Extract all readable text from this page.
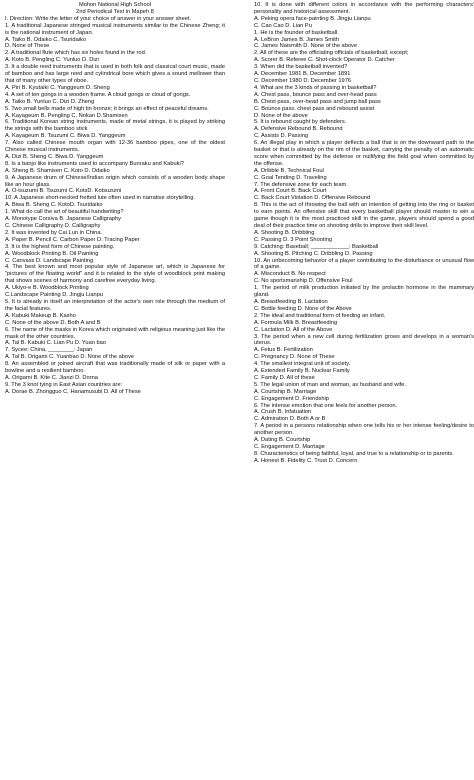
Mohon National High School
2nd Periodical Test in Mapeh 8
I. Direction: Write the letter of your choice of answer in your answer sheet.
1. A traditional Japanese stringed musical instruments similar to the Chinese Zheng; it is the national instrument of Japan.
A. Taiko B. Odaiko C. Tsuridaiko
D. None of These
2. A traditional flute which has six holes found in the rod.
A. Koto B. Pengling C. Yunluo D. Dizi
3. It a double reed instruments that is used in both folk and classical court music, made of bamboo and has large reed and cylindrical bore which gives a sound mellower than that of many other types of oboe.
A. Piri B. Kyutaiki C. Yanggeum D. Sheng
4. A set of ten gongs in a wooden frame. A cloud gongs or cloud of gongs.
A. Taiko B. Yunluo C. Dizi D. Zheng
5. Two small bells made of high tin bronze; it brings an effect of peaceful dreams.
A. Kayageum B. Pengling C. Nokan D.Shamisen
6. Traditional Korean string instruments, made of metal strings, it is played by striking the strings with the bamboo stick
A. Kayageum B. Tsuzumi C. Biwa D. Yanggeum
7. Also called Chinese mouth organ with 12-36 bamboo pipes, one of the oldest Chinese musical instruments.
A. Dizi B. Sheng C. Biwa D. Yanggeum
8. Is a banjo like instruments used to accompany Bunraku and Kabuki?
A. Sheng B. Shamisen C. Koto D. Odaiko
9. A Japanese drum of Chinese/Indian origin which consists of a wooden body shape like an hour glass.
A. O-tsuzumi B. Tsuzumi C. KotsD. Kotsuzumi
10. A Japanese short-necked fretted lute often used in narrative storytelling.
A. Biwa B. Sheng C. KotoD. Tsuridaiko
1. What do call the art of beautiful handwriting?
A. Monotype Corsiva B. Japanese Calligraphy
C. Chinese Calligraphy D. Calligraphy
2. It was invented by Cai Lun in China.
A. Paper B. Pencil C. Carbon Paper D. Tracing Paper
3. It is the highest form of Chinese painting.
A. Woodblock Printing B. Oil Painting
C. Canvass D. Landscape Painting
4. The best known and most popular style of Japanese art, which is Japanese for "pictures of the floating world" and it is related to the style of woodblock print making that shows scenes of harmony and carefree everyday living.
A. Ukiyo-e B. Woodblock Printing
C.Landscape Painting D. Jingju Lianpu
5. It is already in itself an interpretation of the actor's own role through the medium of the facial features.
A. Kabuki Makeup B. Kasho
C. None of the above D. Both A and B
6. The name of the masks in Korea which originated with religious meaning just like the mask of the other countries.
A. Tal B. Kabuki C. Lian Pu D. Yuan bao
7. Sycee: China, ________: Japan
A. Tal B. Origami C. Yuanbao D. None of the above
8. An assembled or joined aircraft that was traditionally made of silk or paper with a bowline and a resilient bamboo.
A. Origami B. Kite C. Jianzi D. Dorna
9. The 3 knot tying in East Asian countries are:
A. Dorae B. Zhongguo C. Hanamusubi D. All of These
10. It is done with different colors in accordance with the performing characters' personality and historical assessment.
A. Peking opera face-painting B. Jingju Lianpu
C. Cao Cao D. Lian Pu
1. He is the founder of basketball.
A. LeBron James B. James Smith
C. James Naismith D. None of the above
2. All of these are the officiating officials of basketball, except;
A. Scorer B. Referee C. Shot-clock Operator D. Catcher
3. When did the basketball invented?
A. December 1981 B. December 1891
C. December 1980 D. December 1976
4. What are the 3 kinds of passing in basketball?
A. Chest pass, bounce pass and over-head pass
B. Chest pass, over-head pass and jump ball pass
C. Bounce pass, chest pass and rebound assist
D. None of the above
5. It is rebound caught by defenders.
A. Defensive Rebound B. Rebound
C. Assists D. Passing
6. An illegal play in which a player deflects a ball that is on the downward path to the basket or that is already on the rim of the basket, carrying the penalty of an automatic score when committed by the defense or nullifying the field goal when committed by the offense.
A. Dribble B. Technical Foul
C. Goal Tending D. Traveling
7. The defensive zone for each team.
A. Front Court B. Back Court
C. Back Court Violation D. Offensive Rebound
8. This is the act of throwing the ball with an intention of getting into the ring or basket to earn points. An offensive skill that every basketball player should master to win a game though it is the most practiced skill in the game, players should spend a good deal of their practice time on shooting drills to improve their skill level.
A. Shooting B. Dribbling
C. Passing D. 3 Point Shooting
9. Catching: Baseball; ____________: Basketball
A. Shooting B. Pitching C. Dribbling D. Passing
10. An unbecoming behavior of a player contributing to the disturbance or unusual flow of a game.
A. Misconduct B. No respect
C. No sportsmanship D. Offensive Foul
1. The period of milk production initiated by the prolactin hormone in the mammary gland.
A. Breastfeeding B. Lactation
C. Bottle feeding D. None of the Above
2. The ideal and traditional form of feeding an infant.
A. Formula Milk B. Breastfeeding
C. Lactation D. All of the Above
3. The period when a new cell during fertilization grows and develops in a woman's uterus.
A. Fetus B. Fertilization
C. Pregnancy D. None of These
4. The smallest integral unit of society.
A. Extended Family B. Nuclear Family
C. Family D. All of these
5. The legal union of man and woman, as husband and wife.
A. Courtship B. Marriage
C. Engagement D. Friendship
6. The intense emotion that one feels for another person.
A. Crush B. Infatuation
C. Admiration D. Both A or B
7. A period in a persons relationship when one tells his or her intense feeling/desire to another person.
A. Dating B. Courtship
C. Engagement D. Marriage
8. Characteristics of being faithful, loyal, and true to a relationship or to parents.
A. Honest B. Fidelity C. Trust D. Concern
